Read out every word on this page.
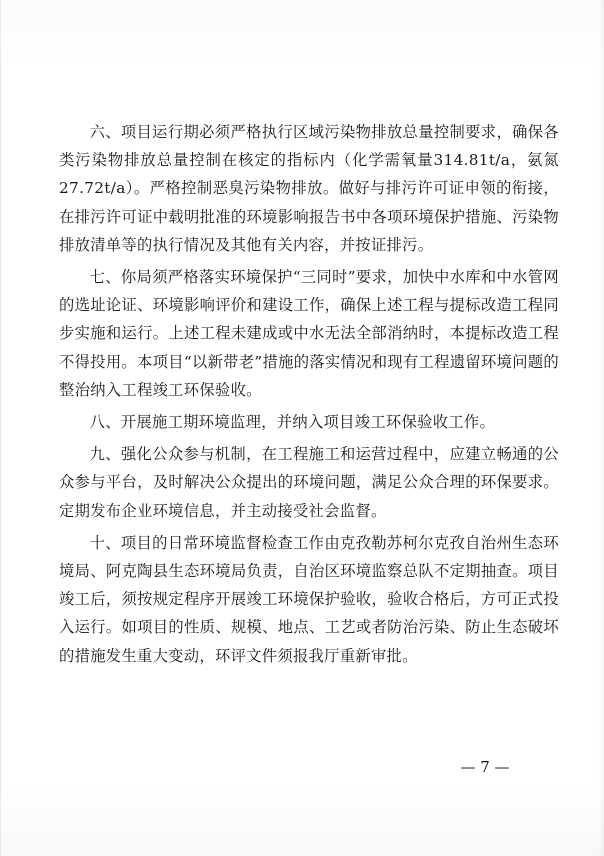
六、项目运行期必须严格执行区域污染物排放总量控制要求，确保各类污染物排放总量控制在核定的指标内（化学需氧量314.81t/a，氨氮 27.72t/a）。严格控制恶臭污染物排放。做好与排污许可证申领的衔接，在排污许可证中载明批准的环境影响报告书中各项环境保护措施、污染物排放清单等的执行情况及其他有关内容，并按证排污。

七、你局须严格落实环境保护“三同时”要求，加快中水库和中水管网的选址论证、环境影响评价和建设工作，确保上述工程与提标改造工程同步实施和运行。上述工程未建成或中水无法全部消纳时，本提标改造工程不得投用。本项目“以新带老”措施的落实情况和现有工程遗留环境问题的整治纳入工程竣工环保验收。

八、开展施工期环境监理，并纳入项目竣工环保验收工作。

九、强化公众参与机制，在工程施工和运营过程中，应建立畅通的公众参与平台，及时解决公众提出的环境问题，满足公众合理的环保要求。定期发布企业环境信息，并主动接受社会监督。

十、项目的日常环境监督检查工作由克孜勒苏柯尔克孜自治州生态环境局、阿克陶县生态环境局负责，自治区环境监察总队不定期抽查。项目竣工后，须按规定程序开展竣工环境保护验收，验收合格后，方可正式投入运行。如项目的性质、规模、地点、工艺或者防治污染、防止生态破坏的措施发生重大变动，环评文件须报我厅重新审批。

— 7 —
